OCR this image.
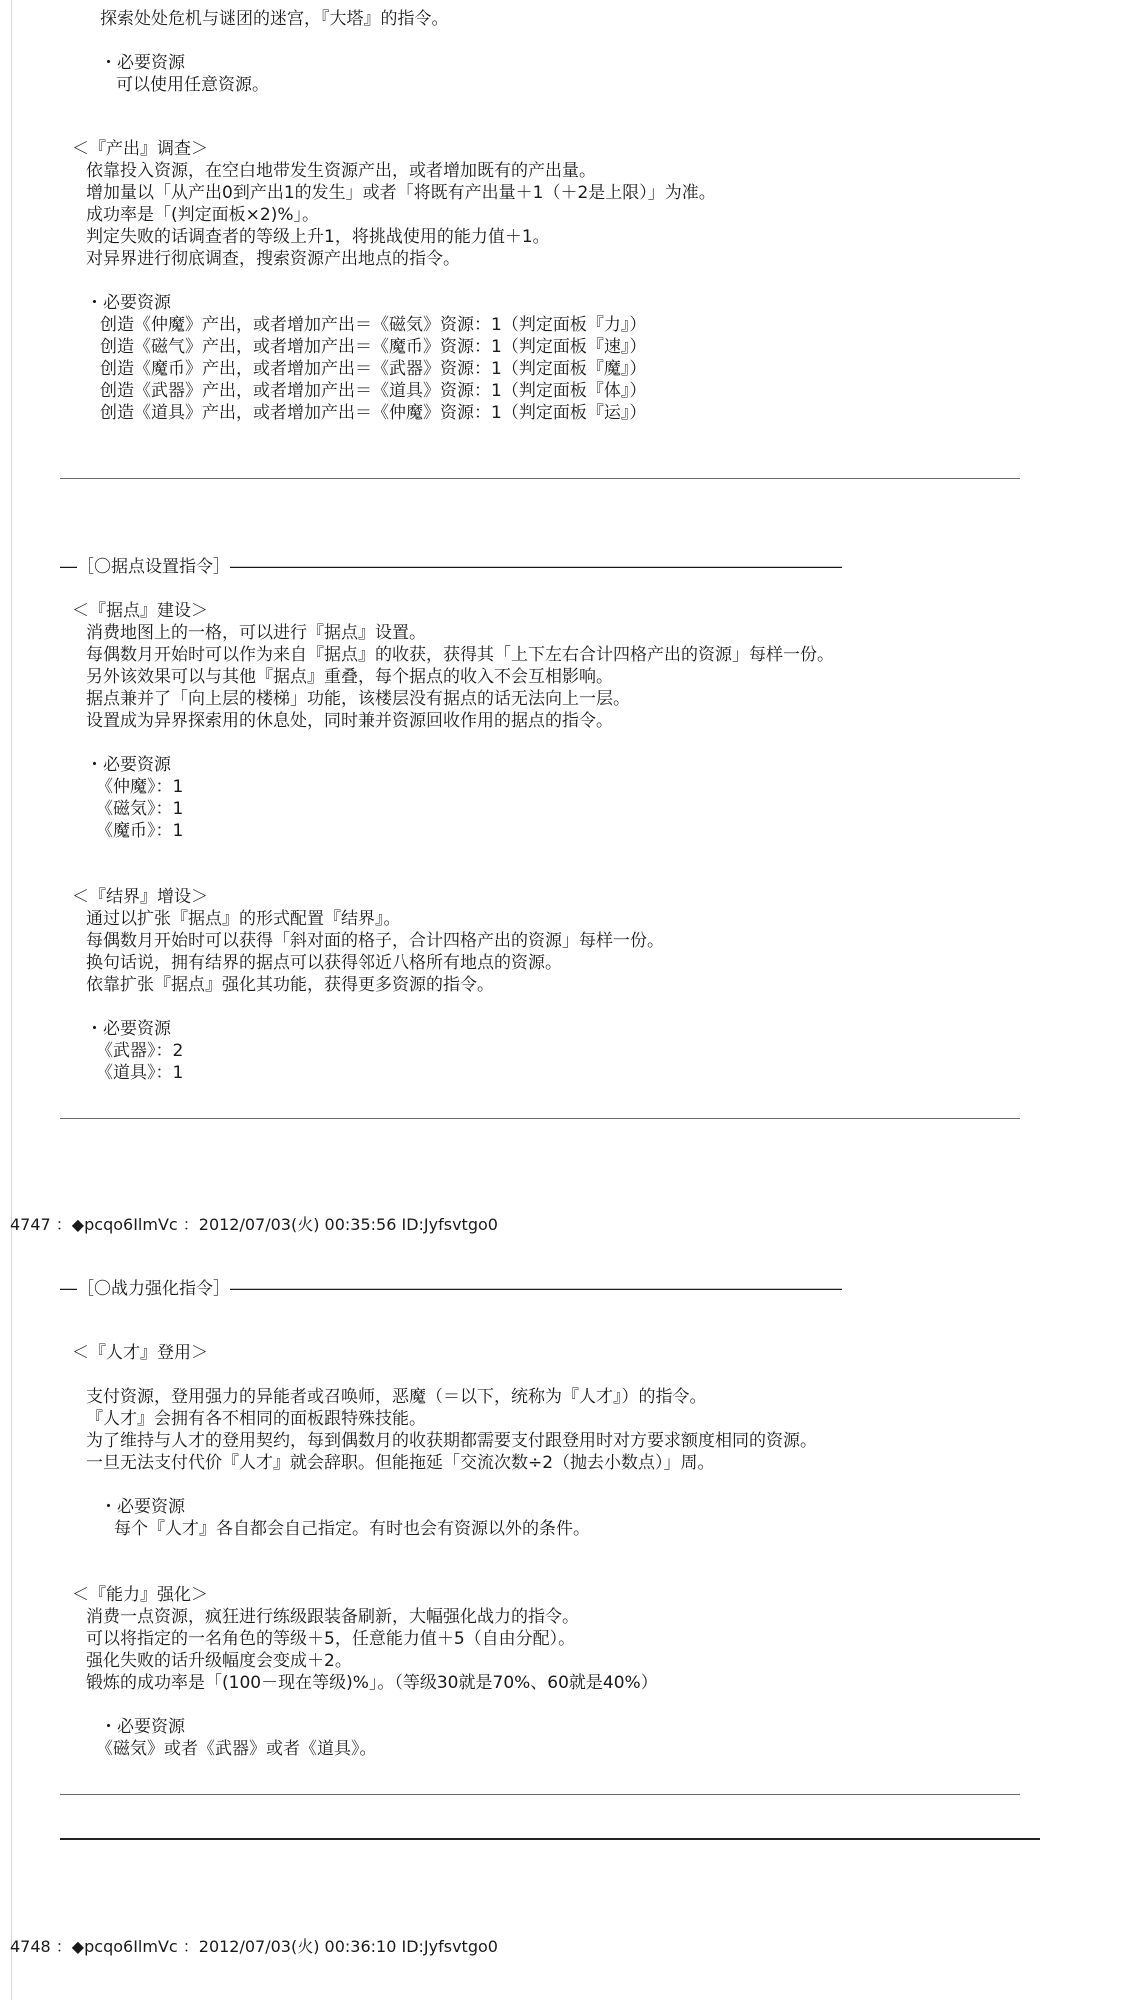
探索处处危机与谜团的迷宫，『大塔』的指令。
・必要资源
可以使用任意资源。
＜『产出』调查＞
依靠投入资源，在空白地带发生资源产出，或者增加既有的产出量。
增加量以「从产出0到产出1的发生」或者「将既有产出量＋1（＋2是上限）」为准。
成功率是「(判定面板×2)%」。
判定失败的话调查者的等级上升1，将挑战使用的能力值＋1。
对异界进行彻底调查，搜索资源产出地点的指令。
・必要资源
创造《仲魔》产出，或者增加产出＝《磁気》资源：1（判定面板『力』）
创造《磁气》产出，或者增加产出＝《魔币》资源：1（判定面板『速』）
创造《魔币》产出，或者增加产出＝《武器》资源：1（判定面板『魔』）
创造《武器》产出，或者增加产出＝《道具》资源：1（判定面板『体』）
创造《道具》产出，或者增加产出＝《仲魔》资源：1（判定面板『运』）
―［〇据点设置指令］――――――――――――――――――――――――――――――――――――
＜『据点』建设＞
消费地图上的一格，可以进行『据点』设置。
每偶数月开始时可以作为来自『据点』的收获，获得其「上下左右合计四格产出的资源」每样一份。
另外该效果可以与其他『据点』重叠，每个据点的收入不会互相影响。
据点兼并了「向上层的楼梯」功能，该楼层没有据点的话无法向上一层。
设置成为异界探索用的休息处，同时兼并资源回收作用的据点的指令。
・必要资源
《仲魔》：1
《磁気》：1
《魔币》：1
＜『结界』增设＞
通过以扩张『据点』的形式配置『结界』。
每偶数月开始时可以获得「斜对面的格子，合计四格产出的资源」每样一份。
换句话说，拥有结界的据点可以获得邻近八格所有地点的资源。
依靠扩张『据点』强化其功能，获得更多资源的指令。
・必要资源
《武器》：2
《道具》：1
4747 ：◆pcqo6IlmVc ：2012/07/03(火) 00:35:56 ID:Jyfsvtgo0
―［〇战力强化指令］――――――――――――――――――――――――――――――――――――
＜『人才』登用＞
支付资源，登用强力的异能者或召唤师，恶魔（＝以下，统称为『人才』）的指令。
『人才』会拥有各不相同的面板跟特殊技能。
为了维持与人才的登用契约，每到偶数月的收获期都需要支付跟登用时对方要求额度相同的资源。
一旦无法支付代价『人才』就会辞职。但能拖延「交流次数÷2（抛去小数点）」周。
・必要资源
每个『人才』各自都会自己指定。有时也会有资源以外的条件。
＜『能力』强化＞
消费一点资源，疯狂进行练级跟装备刷新，大幅强化战力的指令。
可以将指定的一名角色的等级＋5，任意能力值＋5（自由分配）。
强化失败的话升级幅度会变成＋2。
锻炼的成功率是「(100－现在等级)%」。（等级30就是70%、60就是40%）
・必要资源
《磁気》或者《武器》或者《道具》。
4748 ：◆pcqo6IlmVc ：2012/07/03(火) 00:36:10 ID:Jyfsvtgo0
